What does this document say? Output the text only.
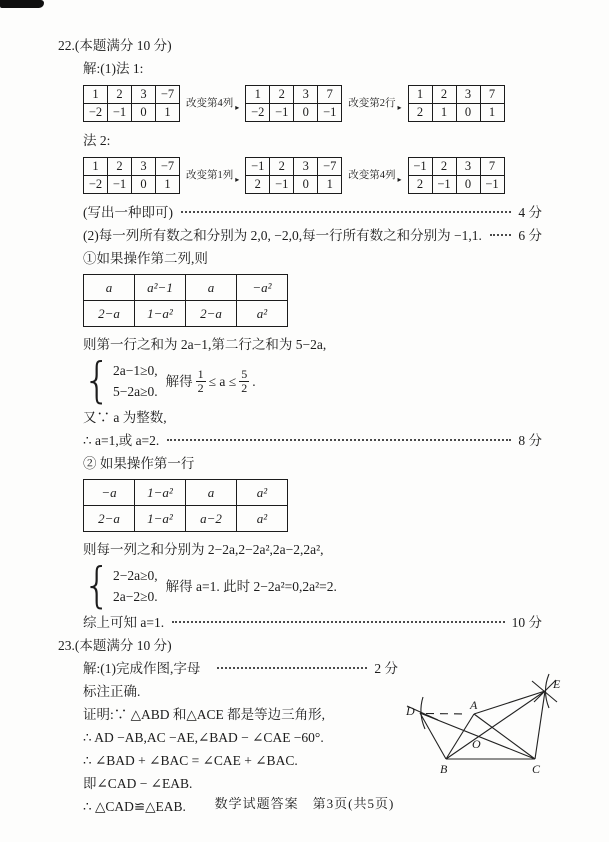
22.(本题满分 10 分)
解:(1)法 1:
1	2	3	−7
−2	−1	0	1
改变第4列 ▸
1	2	3	7
−2	−1	0	−1
改变第2行 ▸
1	2	3	7
2	1	0	1
法 2:
1	2	3	−7
−2	−1	0	1
改变第1列 ▸
−1	2	3	−7
2	−1	0	1
改变第4列 ▸
−1	2	3	7
2	−1	0	−1
(写出一种即可)	4 分
(2)每一列所有数之和分别为 2,0, −2,0,每一行所有数之和分别为 −1,1.	6 分
①如果操作第二列,则
a	a²−1	a	−a²
2−a	1−a²	2−a	a²
则第一行之和为 2a−1,第二行之和为 5−2a,
{ 2a−1≥0,
5−2a≥0.
解得 $\frac{1}{2} \le a \le \frac{5}{2}$ .
又∵ a 为整数,
∴ a=1,或 a=2.	8 分
② 如果操作第一行
−a	1−a²	a	a²
2−a	1−a²	a−2	a²
则每一列之和分别为 2−2a,2−2a²,2a−2,2a²,
{ 2−2a≥0,
2a−2≥0.
解得 a=1. 此时 2−2a²=0,2a²=2.
综上可知 a=1.	10 分
23.(本题满分 10 分)
解:(1)完成作图,字母标注正确.
2 分
证明:∵ △ABD 和△ACE 都是等边三角形,
∴ AD −AB,AC −AE,∠BAD − ∠CAE −60°.
∴ ∠BAD + ∠BAC = ∠CAE + ∠BAC.
即∠CAD − ∠EAB.
∴ △CAD≌△EAB.
D	A
E
B	C
O
数学试题答案　第3页(共5页)
